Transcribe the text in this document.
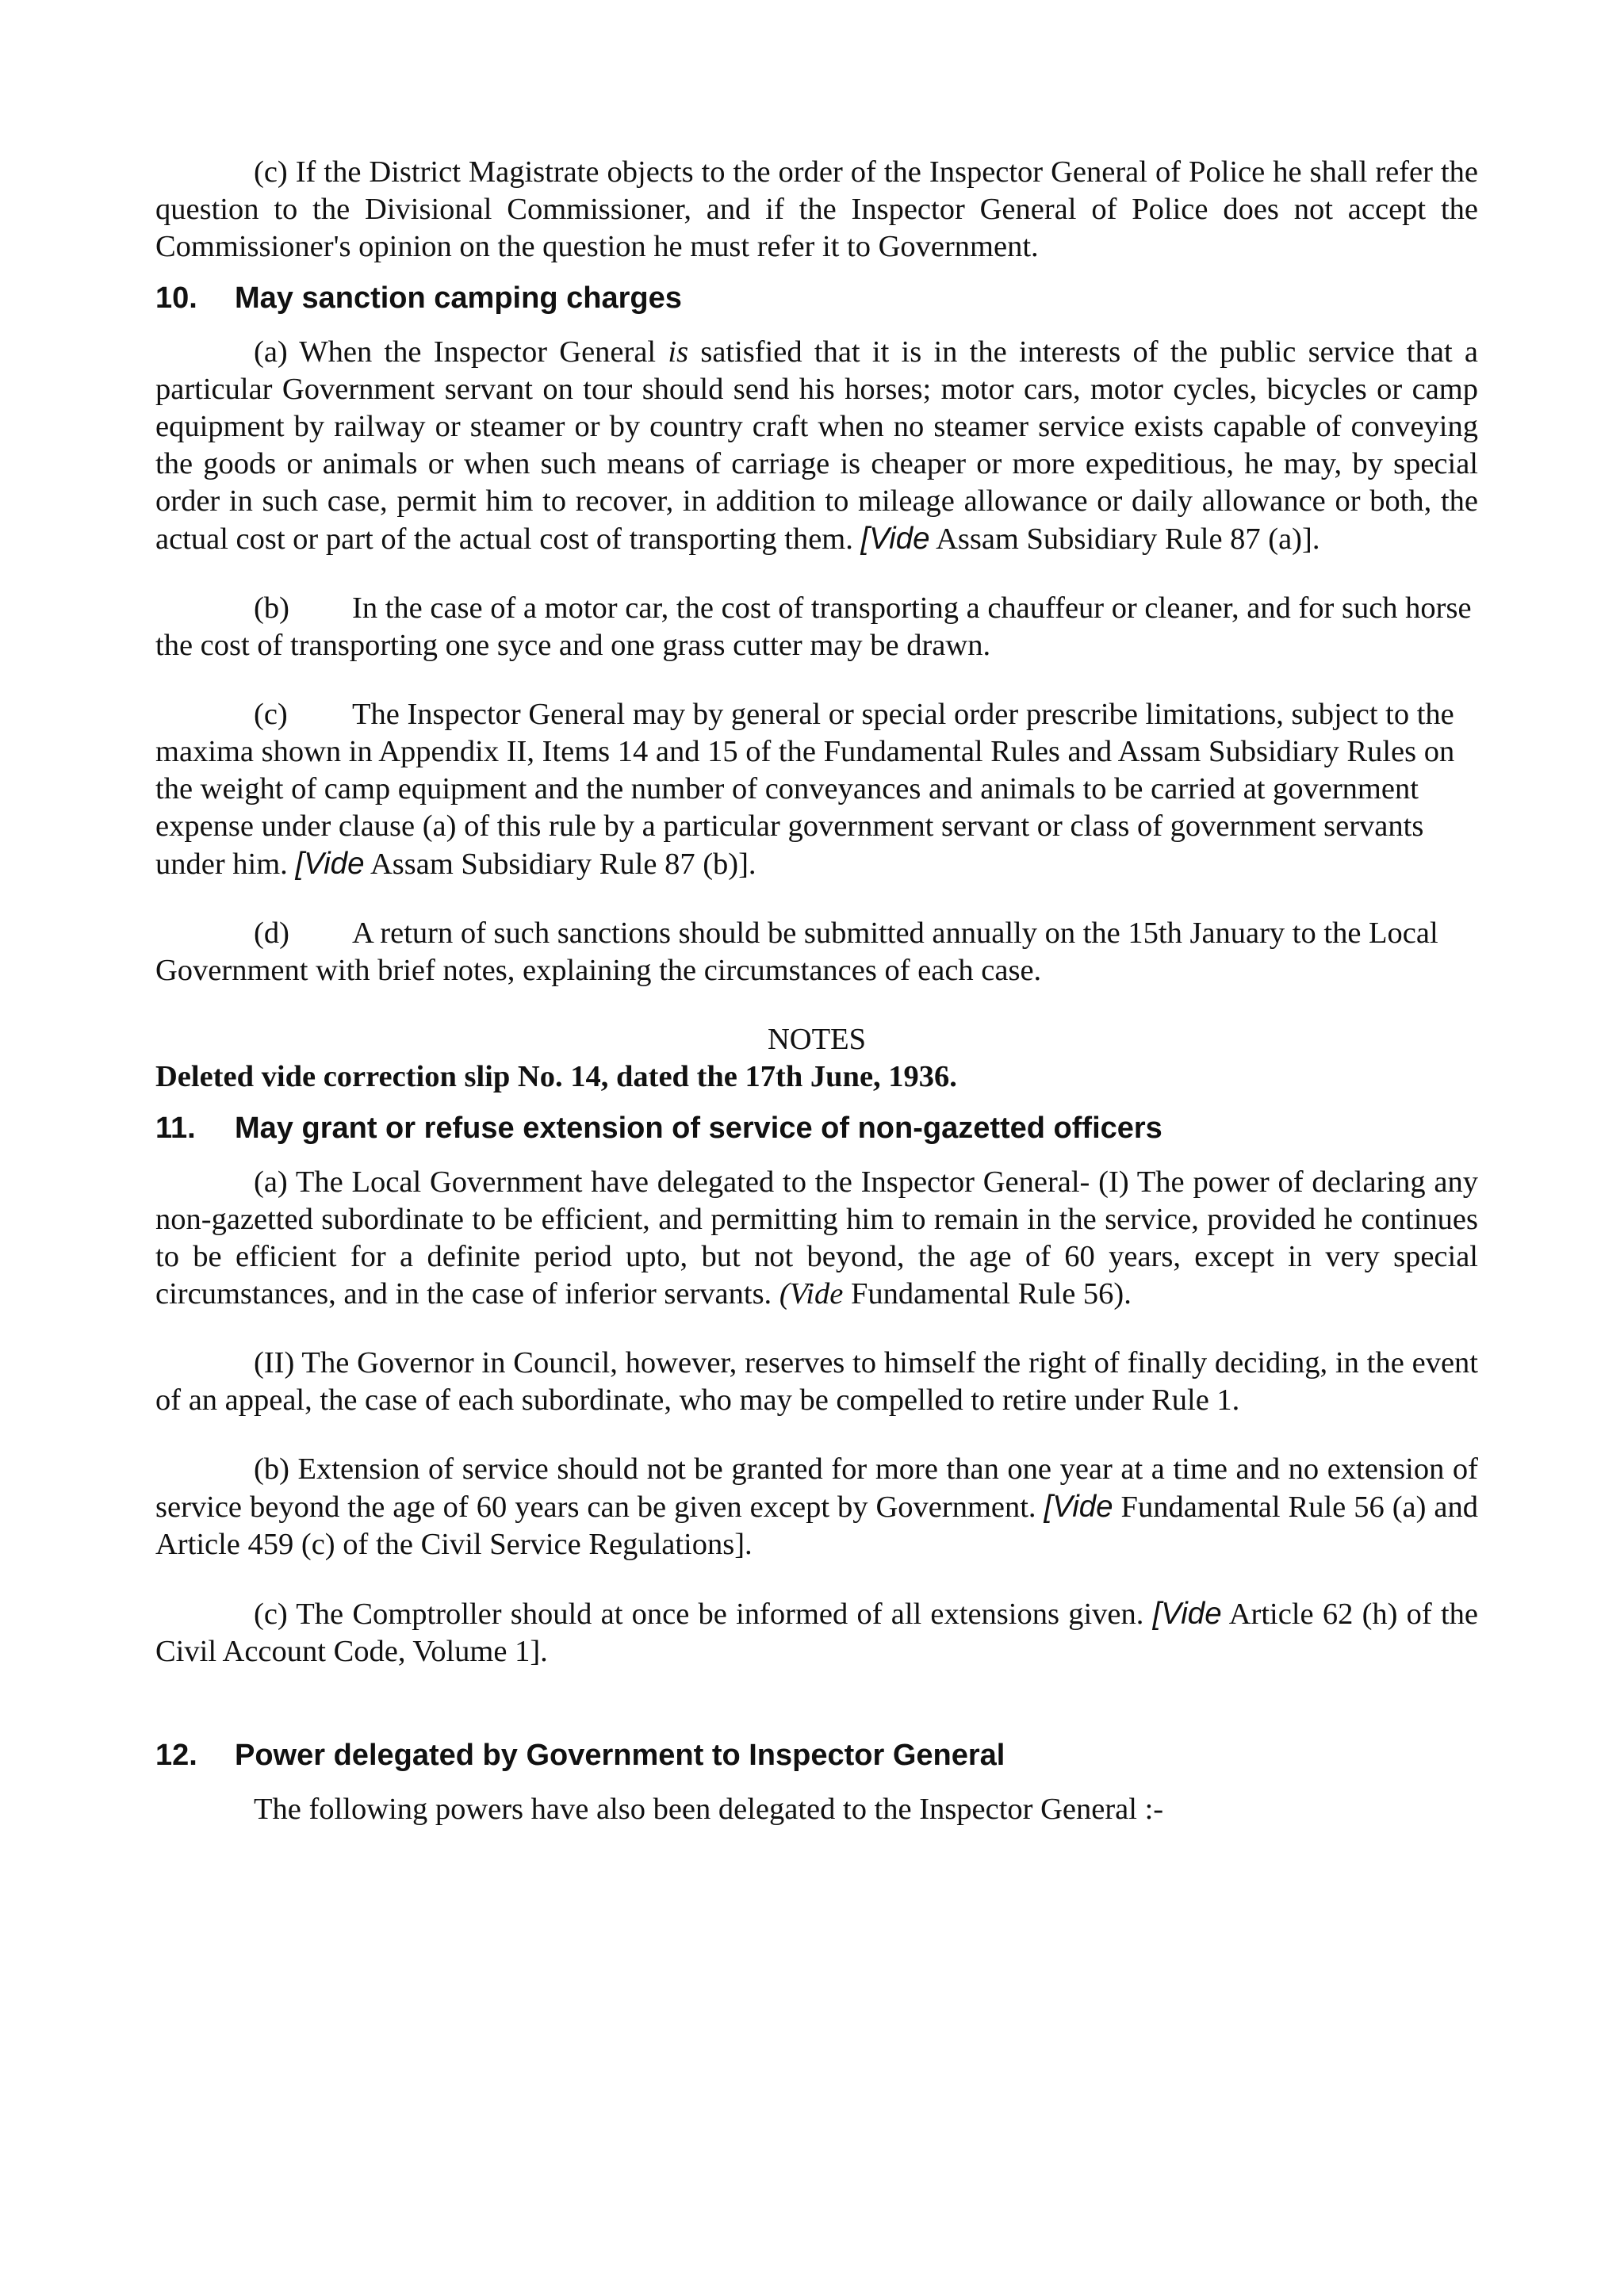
(c) If the District Magistrate objects to the order of the Inspector General of Police he shall refer the question to the Divisional Commissioner, and if the Inspector General of Police does not accept the Commissioner's opinion on the question he must refer it to Government.

10.	May sanction camping charges

(a) When the Inspector General is satisfied that it is in the interests of the public service that a particular Government servant on tour should send his horses; motor cars, motor cycles, bicycles or camp equipment by railway or steamer or by country craft when no steamer service exists capable of conveying the goods or animals or when such means of carriage is cheaper or more expeditious, he may, by special order in such case, permit him to recover, in addition to mileage allowance or daily allowance or both, the actual cost or part of the actual cost of transporting them. [Vide Assam Subsidiary Rule 87 (a)].

(b) In the case of a motor car, the cost of transporting a chauffeur or cleaner, and for such horse the cost of transporting one syce and one grass cutter may be drawn.

(c) The Inspector General may by general or special order prescribe limitations, subject to the maxima shown in Appendix II, Items 14 and 15 of the Fundamental Rules and Assam Subsidiary Rules on the weight of camp equipment and the number of conveyances and animals to be carried at government expense under clause (a) of this rule by a particular government servant or class of government servants under him. [Vide Assam Subsidiary Rule 87 (b)].

(d) A return of such sanctions should be submitted annually on the 15th January to the Local Government with brief notes, explaining the circumstances of each case.

NOTES

Deleted vide correction slip No. 14, dated the 17th June, 1936.

11.	May grant or refuse extension of service of non-gazetted officers

(a) The Local Government have delegated to the Inspector General- (I) The power of declaring any non-gazetted subordinate to be efficient, and permitting him to remain in the service, provided he continues to be efficient for a definite period upto, but not beyond, the age of 60 years, except in very special circumstances, and in the case of inferior servants. (Vide Fundamental Rule 56).

(II) The Governor in Council, however, reserves to himself the right of finally deciding, in the event of an appeal, the case of each subordinate, who may be compelled to retire under Rule 1.

(b) Extension of service should not be granted for more than one year at a time and no extension of service beyond the age of 60 years can be given except by Government. [Vide Fundamental Rule 56 (a) and Article 459 (c) of the Civil Service Regulations].

(c) The Comptroller should at once be informed of all extensions given. [Vide Article 62 (h) of the Civil Account Code, Volume 1].

12.	Power delegated by Government to Inspector General

The following powers have also been delegated to the Inspector General :-
